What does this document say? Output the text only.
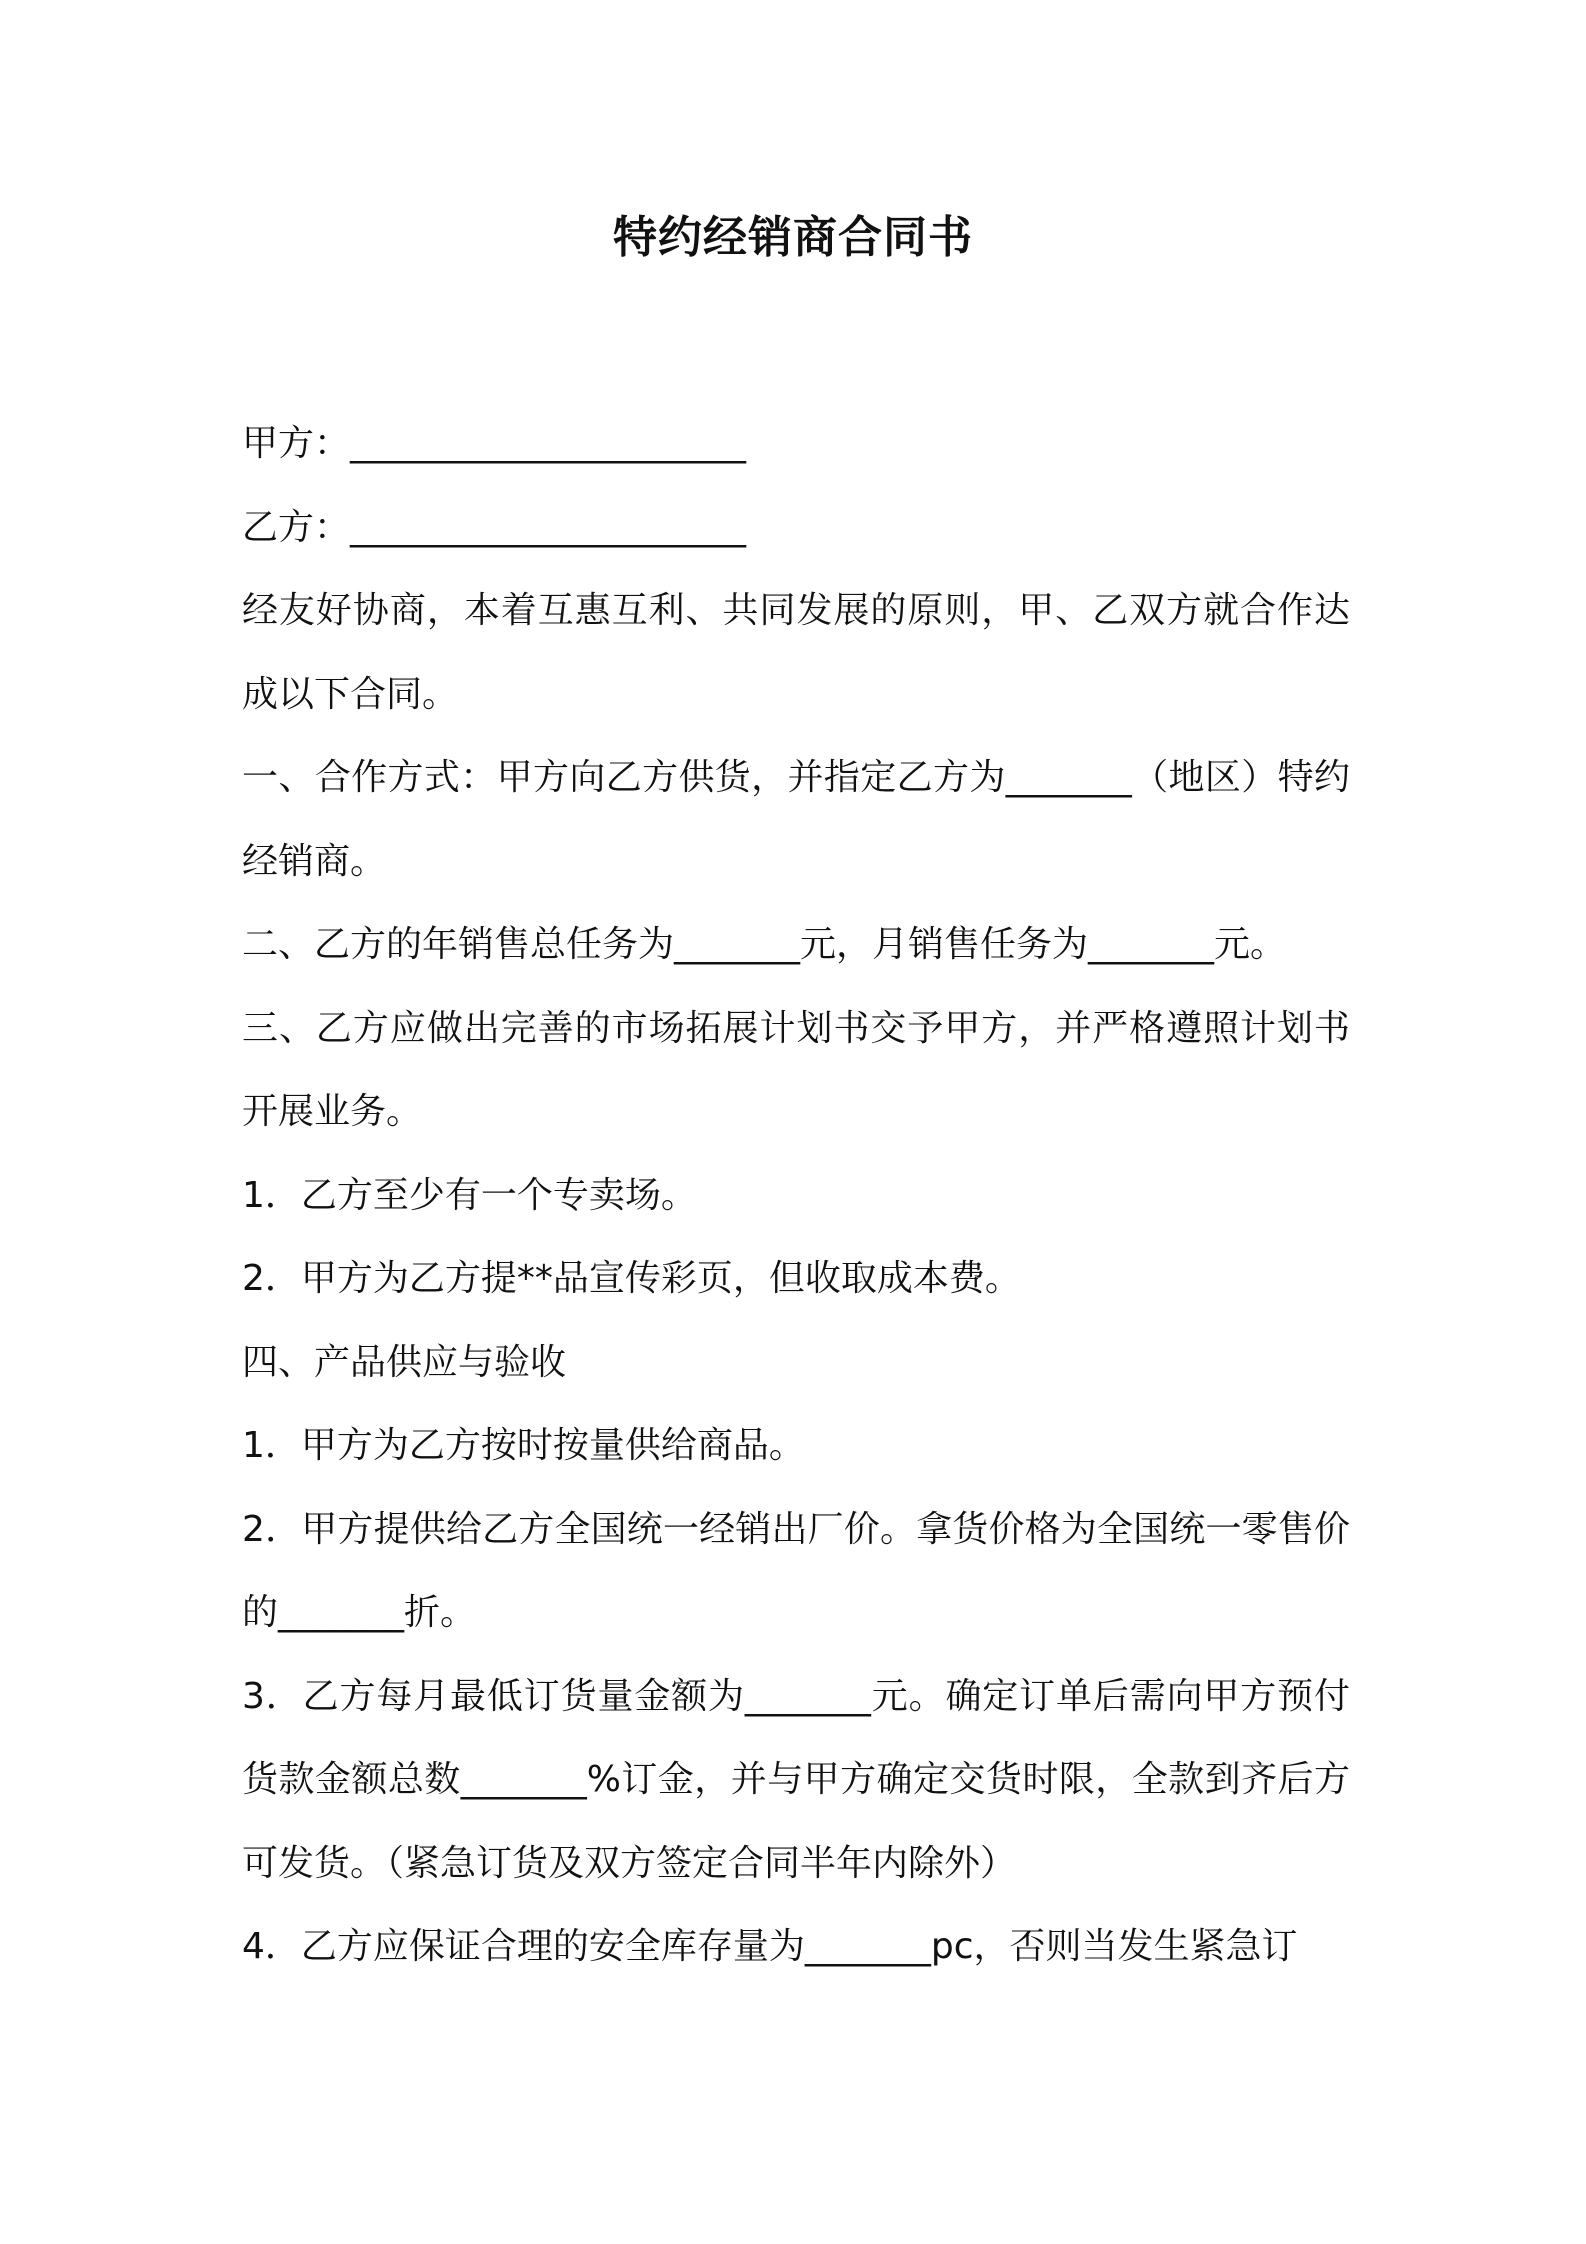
特约经销商合同书

甲方：______________________

乙方：______________________

经友好协商，本着互惠互利、共同发展的原则，甲、乙双方就合作达成以下合同。

一、合作方式：甲方向乙方供货，并指定乙方为_______（地区）特约经销商。

二、乙方的年销售总任务为_______元，月销售任务为_______元。

三、乙方应做出完善的市场拓展计划书交予甲方，并严格遵照计划书开展业务。

1．乙方至少有一个专卖场。

2．甲方为乙方提**品宣传彩页，但收取成本费。

四、产品供应与验收

1．甲方为乙方按时按量供给商品。

2．甲方提供给乙方全国统一经销出厂价。拿货价格为全国统一零售价的_______折。

3．乙方每月最低订货量金额为_______元。确定订单后需向甲方预付货款金额总数_______%订金，并与甲方确定交货时限，全款到齐后方可发货。（紧急订货及双方签定合同半年内除外）

4．乙方应保证合理的安全库存量为_______pc，否则当发生紧急订
